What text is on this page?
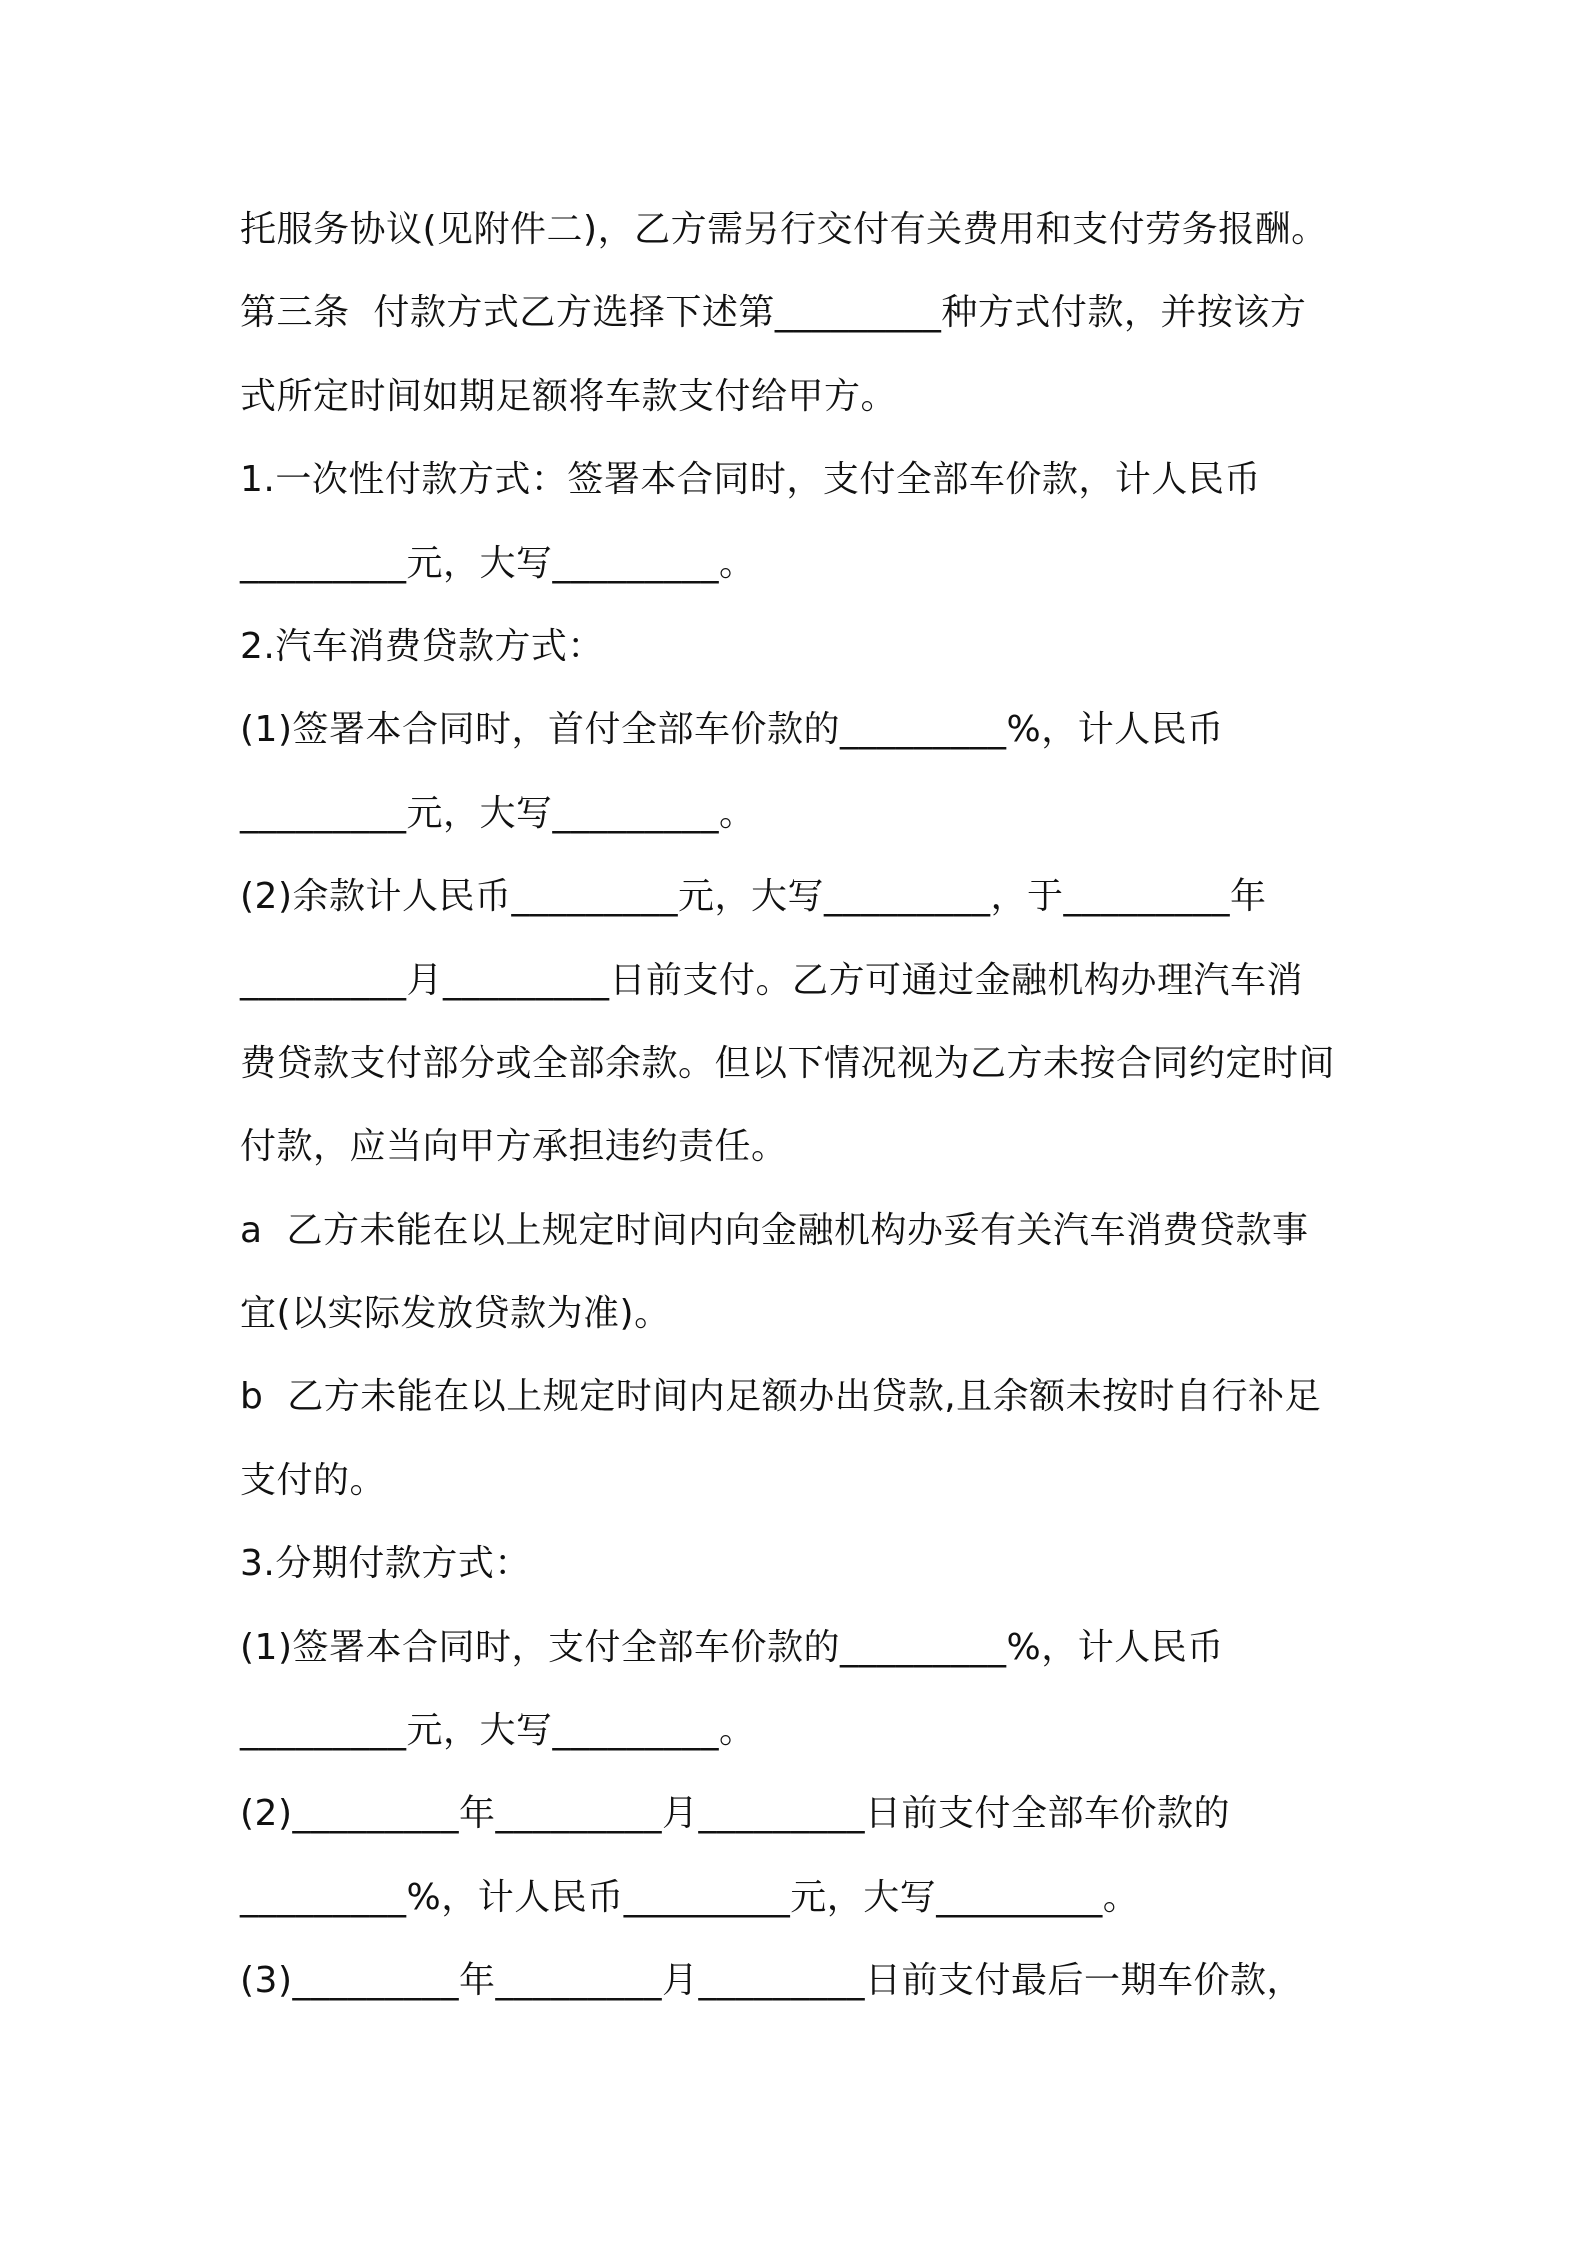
托服务协议(见附件二)，乙方需另行交付有关费用和支付劳务报酬。
第三条  付款方式乙方选择下述第_________种方式付款，并按该方
式所定时间如期足额将车款支付给甲方。
1.一次性付款方式：签署本合同时，支付全部车价款，计人民币
_________元，大写_________。
2.汽车消费贷款方式：
(1)签署本合同时，首付全部车价款的_________%，计人民币
_________元，大写_________。
(2)余款计人民币_________元，大写_________，于_________年
_________月_________日前支付。乙方可通过金融机构办理汽车消
费贷款支付部分或全部余款。但以下情况视为乙方未按合同约定时间
付款，应当向甲方承担违约责任。
a  乙方未能在以上规定时间内向金融机构办妥有关汽车消费贷款事
宜(以实际发放贷款为准)。
b  乙方未能在以上规定时间内足额办出贷款,且余额未按时自行补足
支付的。
3.分期付款方式：
(1)签署本合同时，支付全部车价款的_________%，计人民币
_________元，大写_________。
(2)_________年_________月_________日前支付全部车价款的
_________%，计人民币_________元，大写_________。
(3)_________年_________月_________日前支付最后一期车价款，
